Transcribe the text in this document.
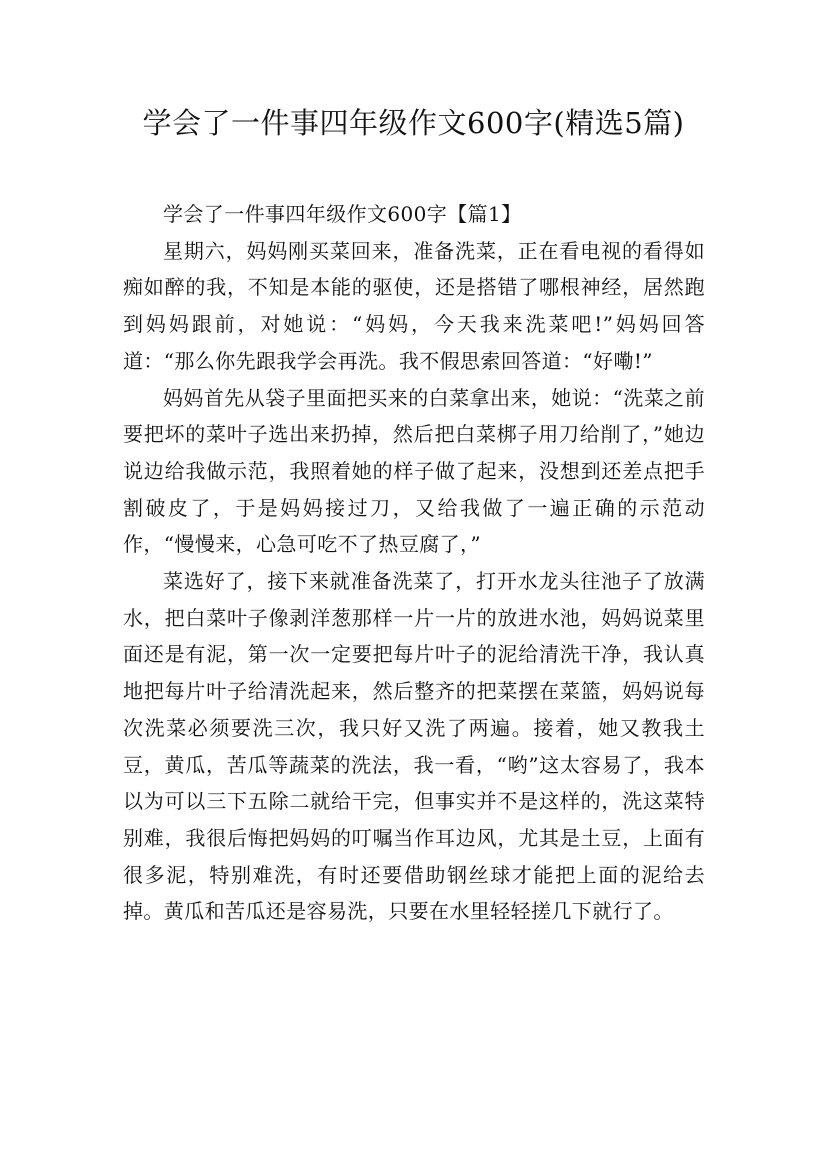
学会了一件事四年级作文600字(精选5篇)

学会了一件事四年级作文600字【篇1】

星期六，妈妈刚买菜回来，准备洗菜，正在看电视的看得如痴如醉的我，不知是本能的驱使，还是搭错了哪根神经，居然跑到妈妈跟前，对她说：“妈妈，今天我来洗菜吧!”妈妈回答道：“那么你先跟我学会再洗。我不假思索回答道：“好嘞!”

妈妈首先从袋子里面把买来的白菜拿出来，她说：“洗菜之前要把坏的菜叶子选出来扔掉，然后把白菜梆子用刀给削了，”她边说边给我做示范，我照着她的样子做了起来，没想到还差点把手割破皮了，于是妈妈接过刀，又给我做了一遍正确的示范动作，“慢慢来，心急可吃不了热豆腐了，”

菜选好了，接下来就准备洗菜了，打开水龙头往池子了放满水，把白菜叶子像剥洋葱那样一片一片的放进水池，妈妈说菜里面还是有泥，第一次一定要把每片叶子的泥给清洗干净，我认真地把每片叶子给清洗起来，然后整齐的把菜摆在菜篮，妈妈说每次洗菜必须要洗三次，我只好又洗了两遍。接着，她又教我土豆，黄瓜，苦瓜等蔬菜的洗法，我一看，“哟”这太容易了，我本以为可以三下五除二就给干完，但事实并不是这样的，洗这菜特别难，我很后悔把妈妈的叮嘱当作耳边风，尤其是土豆，上面有很多泥，特别难洗，有时还要借助钢丝球才能把上面的泥给去掉。黄瓜和苦瓜还是容易洗，只要在水里轻轻搓几下就行了。
